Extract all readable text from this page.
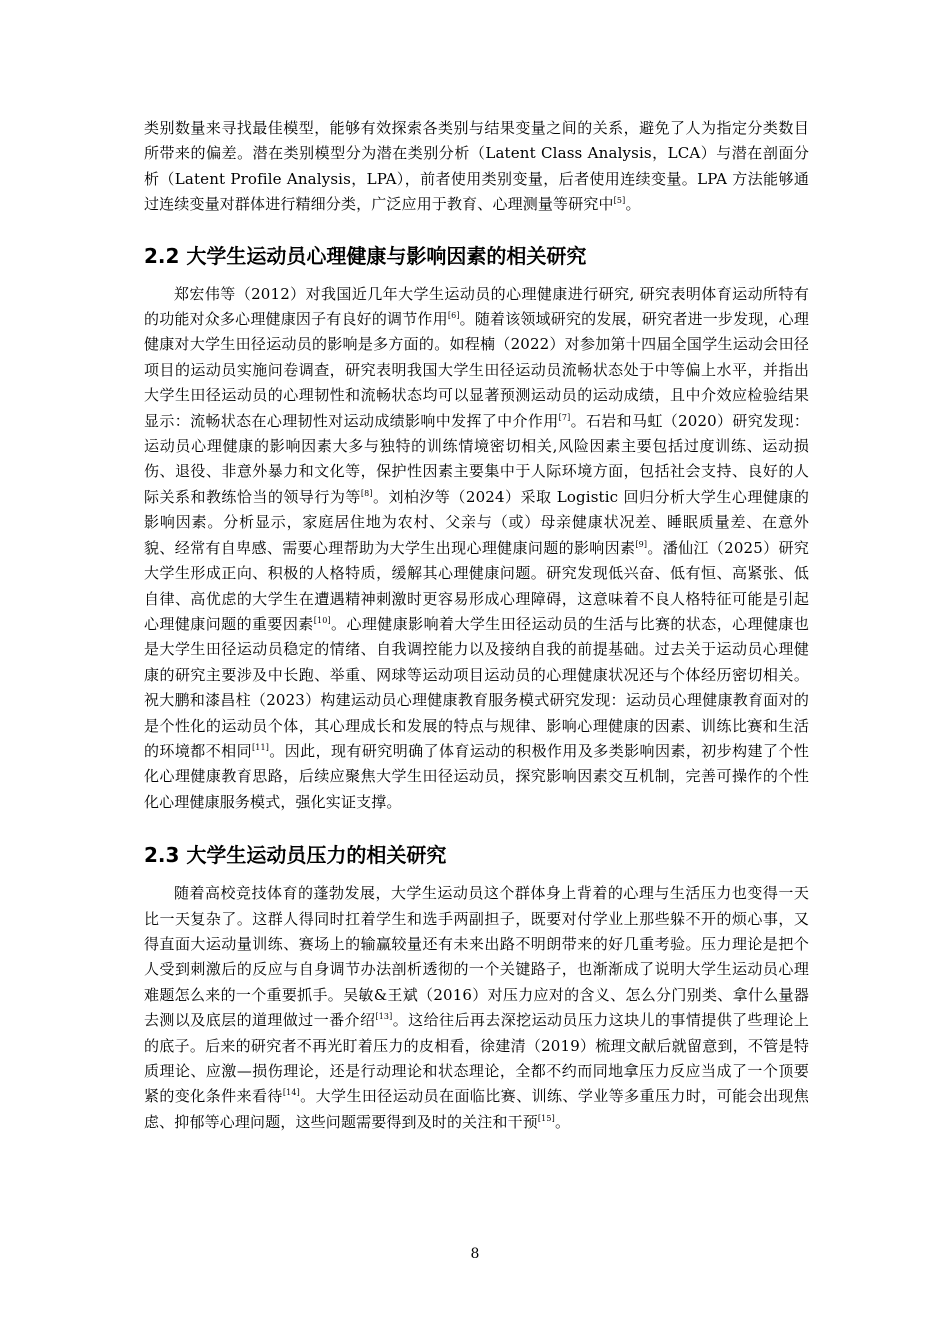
类别数量来寻找最佳模型，能够有效探索各类别与结果变量之间的关系，避免了人为指定分类数目所带来的偏差。潜在类别模型分为潜在类别分析（Latent Class Analysis，LCA）与潜在剖面分析（Latent Profile Analysis，LPA），前者使用类别变量，后者使用连续变量。LPA 方法能够通过连续变量对群体进行精细分类，广泛应用于教育、心理测量等研究中[5]。

2.2 大学生运动员心理健康与影响因素的相关研究

郑宏伟等（2012）对我国近几年大学生运动员的心理健康进行研究, 研究表明体育运动所特有的功能对众多心理健康因子有良好的调节作用[6]。随着该领域研究的发展，研究者进一步发现，心理健康对大学生田径运动员的影响是多方面的。如程楠（2022）对参加第十四届全国学生运动会田径项目的运动员实施问卷调查，研究表明我国大学生田径运动员流畅状态处于中等偏上水平，并指出大学生田径运动员的心理韧性和流畅状态均可以显著预测运动员的运动成绩，且中介效应检验结果显示：流畅状态在心理韧性对运动成绩影响中发挥了中介作用[7]。石岩和马虹（2020）研究发现：运动员心理健康的影响因素大多与独特的训练情境密切相关,风险因素主要包括过度训练、运动损伤、退役、非意外暴力和文化等，保护性因素主要集中于人际环境方面，包括社会支持、良好的人际关系和教练恰当的领导行为等[8]。刘柏汐等（2024）采取 Logistic 回归分析大学生心理健康的影响因素。分析显示，家庭居住地为农村、父亲与（或）母亲健康状况差、睡眠质量差、在意外貌、经常有自卑感、需要心理帮助为大学生出现心理健康问题的影响因素[9]。潘仙江（2025）研究大学生形成正向、积极的人格特质，缓解其心理健康问题。研究发现低兴奋、低有恒、高紧张、低自律、高优虑的大学生在遭遇精神刺激时更容易形成心理障碍，这意味着不良人格特征可能是引起心理健康问题的重要因素[10]。心理健康影响着大学生田径运动员的生活与比赛的状态，心理健康也是大学生田径运动员稳定的情绪、自我调控能力以及接纳自我的前提基础。过去关于运动员心理健康的研究主要涉及中长跑、举重、网球等运动项目运动员的心理健康状况还与个体经历密切相关。祝大鹏和漆昌柱（2023）构建运动员心理健康教育服务模式研究发现：运动员心理健康教育面对的是个性化的运动员个体，其心理成长和发展的特点与规律、影响心理健康的因素、训练比赛和生活的环境都不相同[11]。因此，现有研究明确了体育运动的积极作用及多类影响因素，初步构建了个性化心理健康教育思路，后续应聚焦大学生田径运动员，探究影响因素交互机制，完善可操作的个性化心理健康服务模式，强化实证支撑。

2.3 大学生运动员压力的相关研究

随着高校竞技体育的蓬勃发展，大学生运动员这个群体身上背着的心理与生活压力也变得一天比一天复杂了。这群人得同时扛着学生和选手两副担子，既要对付学业上那些躲不开的烦心事，又得直面大运动量训练、赛场上的输赢较量还有未来出路不明朗带来的好几重考验。压力理论是把个人受到刺激后的反应与自身调节办法剖析透彻的一个关键路子，也渐渐成了说明大学生运动员心理难题怎么来的一个重要抓手。吴敏&王斌（2016）对压力应对的含义、怎么分门别类、拿什么量器去测以及底层的道理做过一番介绍[13]。这给往后再去深挖运动员压力这块儿的事情提供了些理论上的底子。后来的研究者不再光盯着压力的皮相看，徐建清（2019）梳理文献后就留意到，不管是特质理论、应激—损伤理论，还是行动理论和状态理论，全都不约而同地拿压力反应当成了一个顶要紧的变化条件来看待[14]。大学生田径运动员在面临比赛、训练、学业等多重压力时，可能会出现焦虑、抑郁等心理问题，这些问题需要得到及时的关注和干预[15]。

8
